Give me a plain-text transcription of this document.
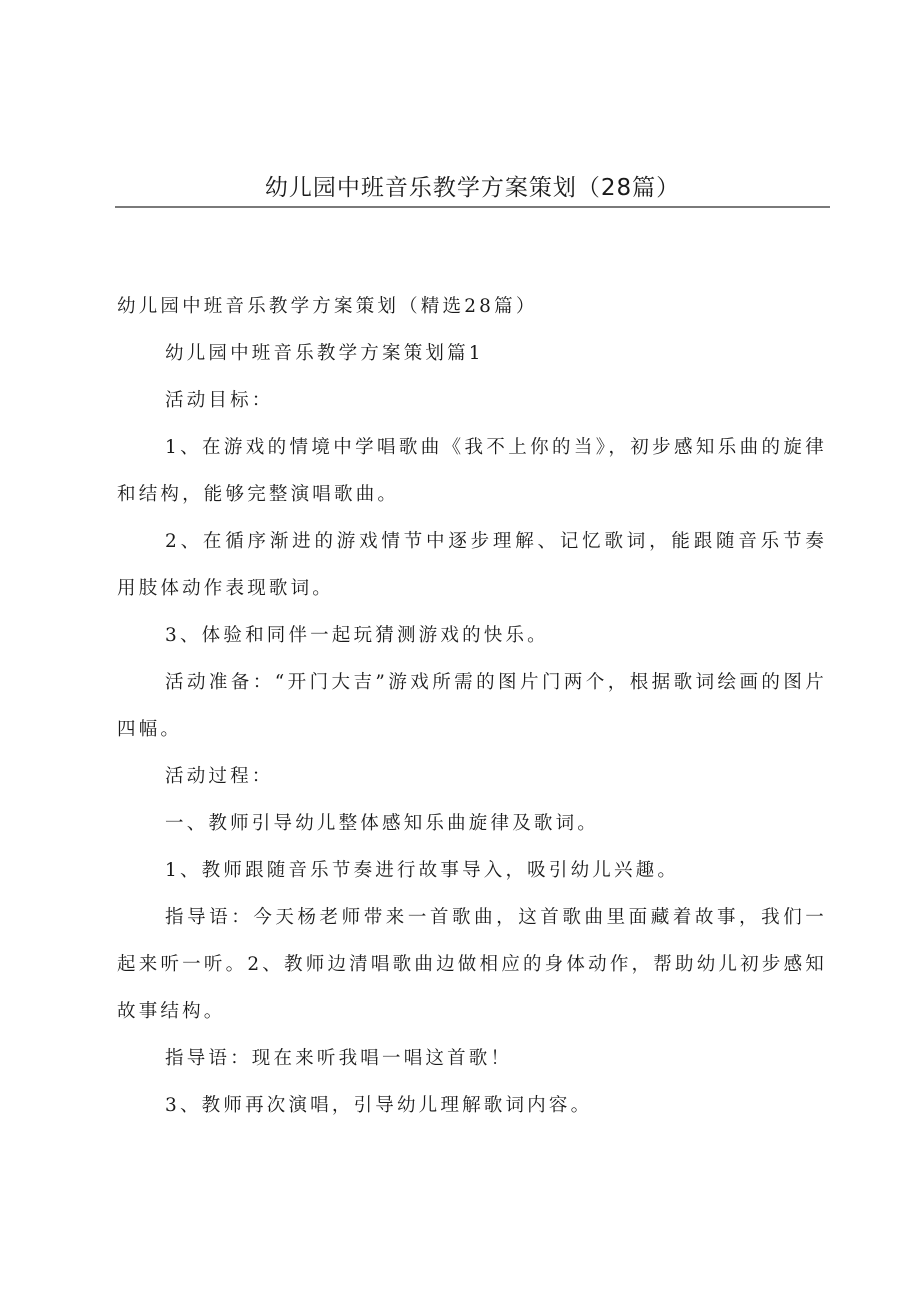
幼儿园中班音乐教学方案策划（28篇）

幼儿园中班音乐教学方案策划（精选28篇）

幼儿园中班音乐教学方案策划篇1

活动目标：

1、在游戏的情境中学唱歌曲《我不上你的当》，初步感知乐曲的旋律和结构，能够完整演唱歌曲。

2、在循序渐进的游戏情节中逐步理解、记忆歌词，能跟随音乐节奏用肢体动作表现歌词。

3、体验和同伴一起玩猜测游戏的快乐。

活动准备：“开门大吉”游戏所需的图片门两个，根据歌词绘画的图片四幅。

活动过程：

一、教师引导幼儿整体感知乐曲旋律及歌词。

1、教师跟随音乐节奏进行故事导入，吸引幼儿兴趣。

指导语：今天杨老师带来一首歌曲，这首歌曲里面藏着故事，我们一起来听一听。2、教师边清唱歌曲边做相应的身体动作，帮助幼儿初步感知故事结构。

指导语：现在来听我唱一唱这首歌！

3、教师再次演唱，引导幼儿理解歌词内容。
